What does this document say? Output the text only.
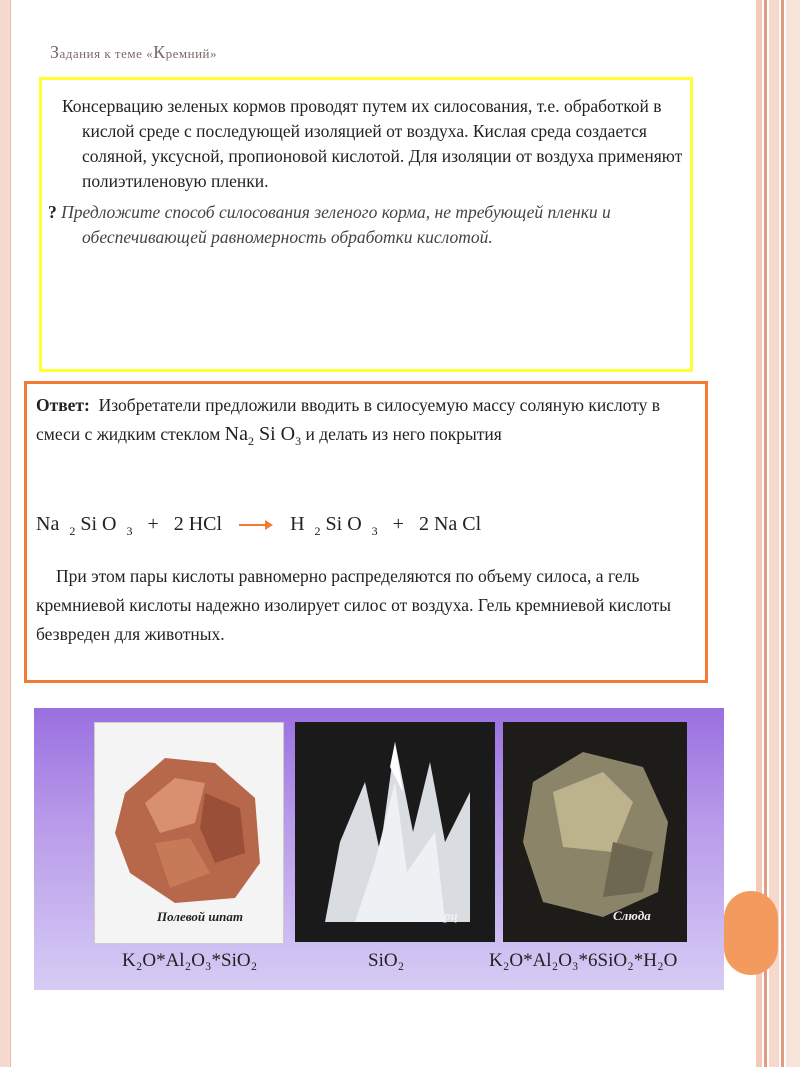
Задания к теме «Кремний»

Консервацию зеленых кормов проводят путем их силосования, т.е. обработкой в кислой среде с последующей изоляцией от воздуха. Кислая среда создается соляной, уксусной, пропионовой кислотой. Для изоляции от воздуха применяют полиэтиленовую пленки.

? Предложите способ силосования зеленого корма, не требующей пленки и обеспечивающей равномерность обработки кислотой.

Ответ: Изобретатели предложили вводить в силосуемую массу соляную кислоту в смеси с жидким стеклом $Na_2$ Si $O_3$ и делать из него покрытия

Na $_2$ Si O $_3$ + 2 HCl → H $_2$ Si O $_3$ + 2 Na Cl

При этом пары кислоты равномерно распределяются по объему силоса, а гель кремниевой кислоты надежно изолирует силос от воздуха. Гель кремниевой кислоты безвреден для животных.

Полевой шпат	Кварц	Слюда
K₂O*Al₂O₃*SiO₂	SiO₂	K₂O*Al₂O₃*6SiO₂*H₂O
